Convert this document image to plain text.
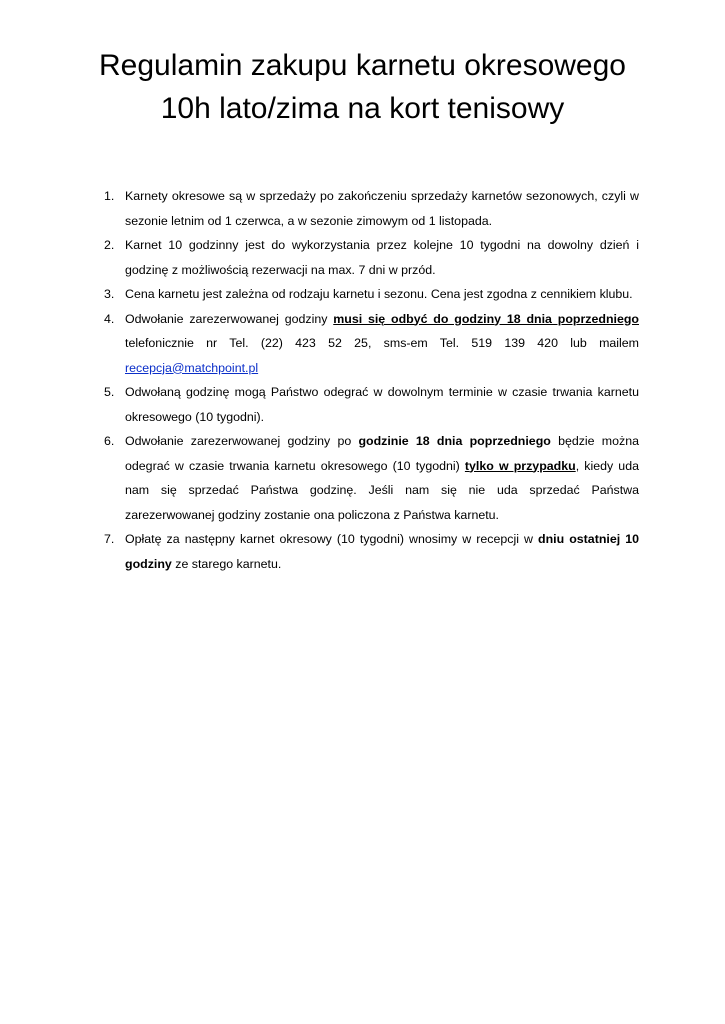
Regulamin zakupu karnetu okresowego
10h lato/zima na kort tenisowy
1. Karnety okresowe są w sprzedaży po zakończeniu sprzedaży karnetów sezonowych, czyli w sezonie letnim od 1 czerwca, a w sezonie zimowym od 1 listopada.
2. Karnet 10 godzinny jest do wykorzystania przez kolejne 10 tygodni na dowolny dzień i godzinę z możliwością rezerwacji na max. 7 dni w przód.
3. Cena karnetu jest zależna od rodzaju karnetu i sezonu. Cena jest zgodna z cennikiem klubu.
4. Odwołanie zarezerwowanej godziny musi się odbyć do godziny 18 dnia poprzedniego telefonicznie nr Tel. (22) 423 52 25, sms-em Tel. 519 139 420 lub mailem recepcja@matchpoint.pl
5. Odwołaną godzinę mogą Państwo odegrać w dowolnym terminie w czasie trwania karnetu okresowego (10 tygodni).
6. Odwołanie zarezerwowanej godziny po godzinie 18 dnia poprzedniego będzie można odegrać w czasie trwania karnetu okresowego (10 tygodni) tylko w przypadku, kiedy uda nam się sprzedać Państwa godzinę. Jeśli nam się nie uda sprzedać Państwa zarezerwowanej godziny zostanie ona policzona z Państwa karnetu.
7. Opłatę za następny karnet okresowy (10 tygodni) wnosimy w recepcji w dniu ostatniej 10 godziny ze starego karnetu.
